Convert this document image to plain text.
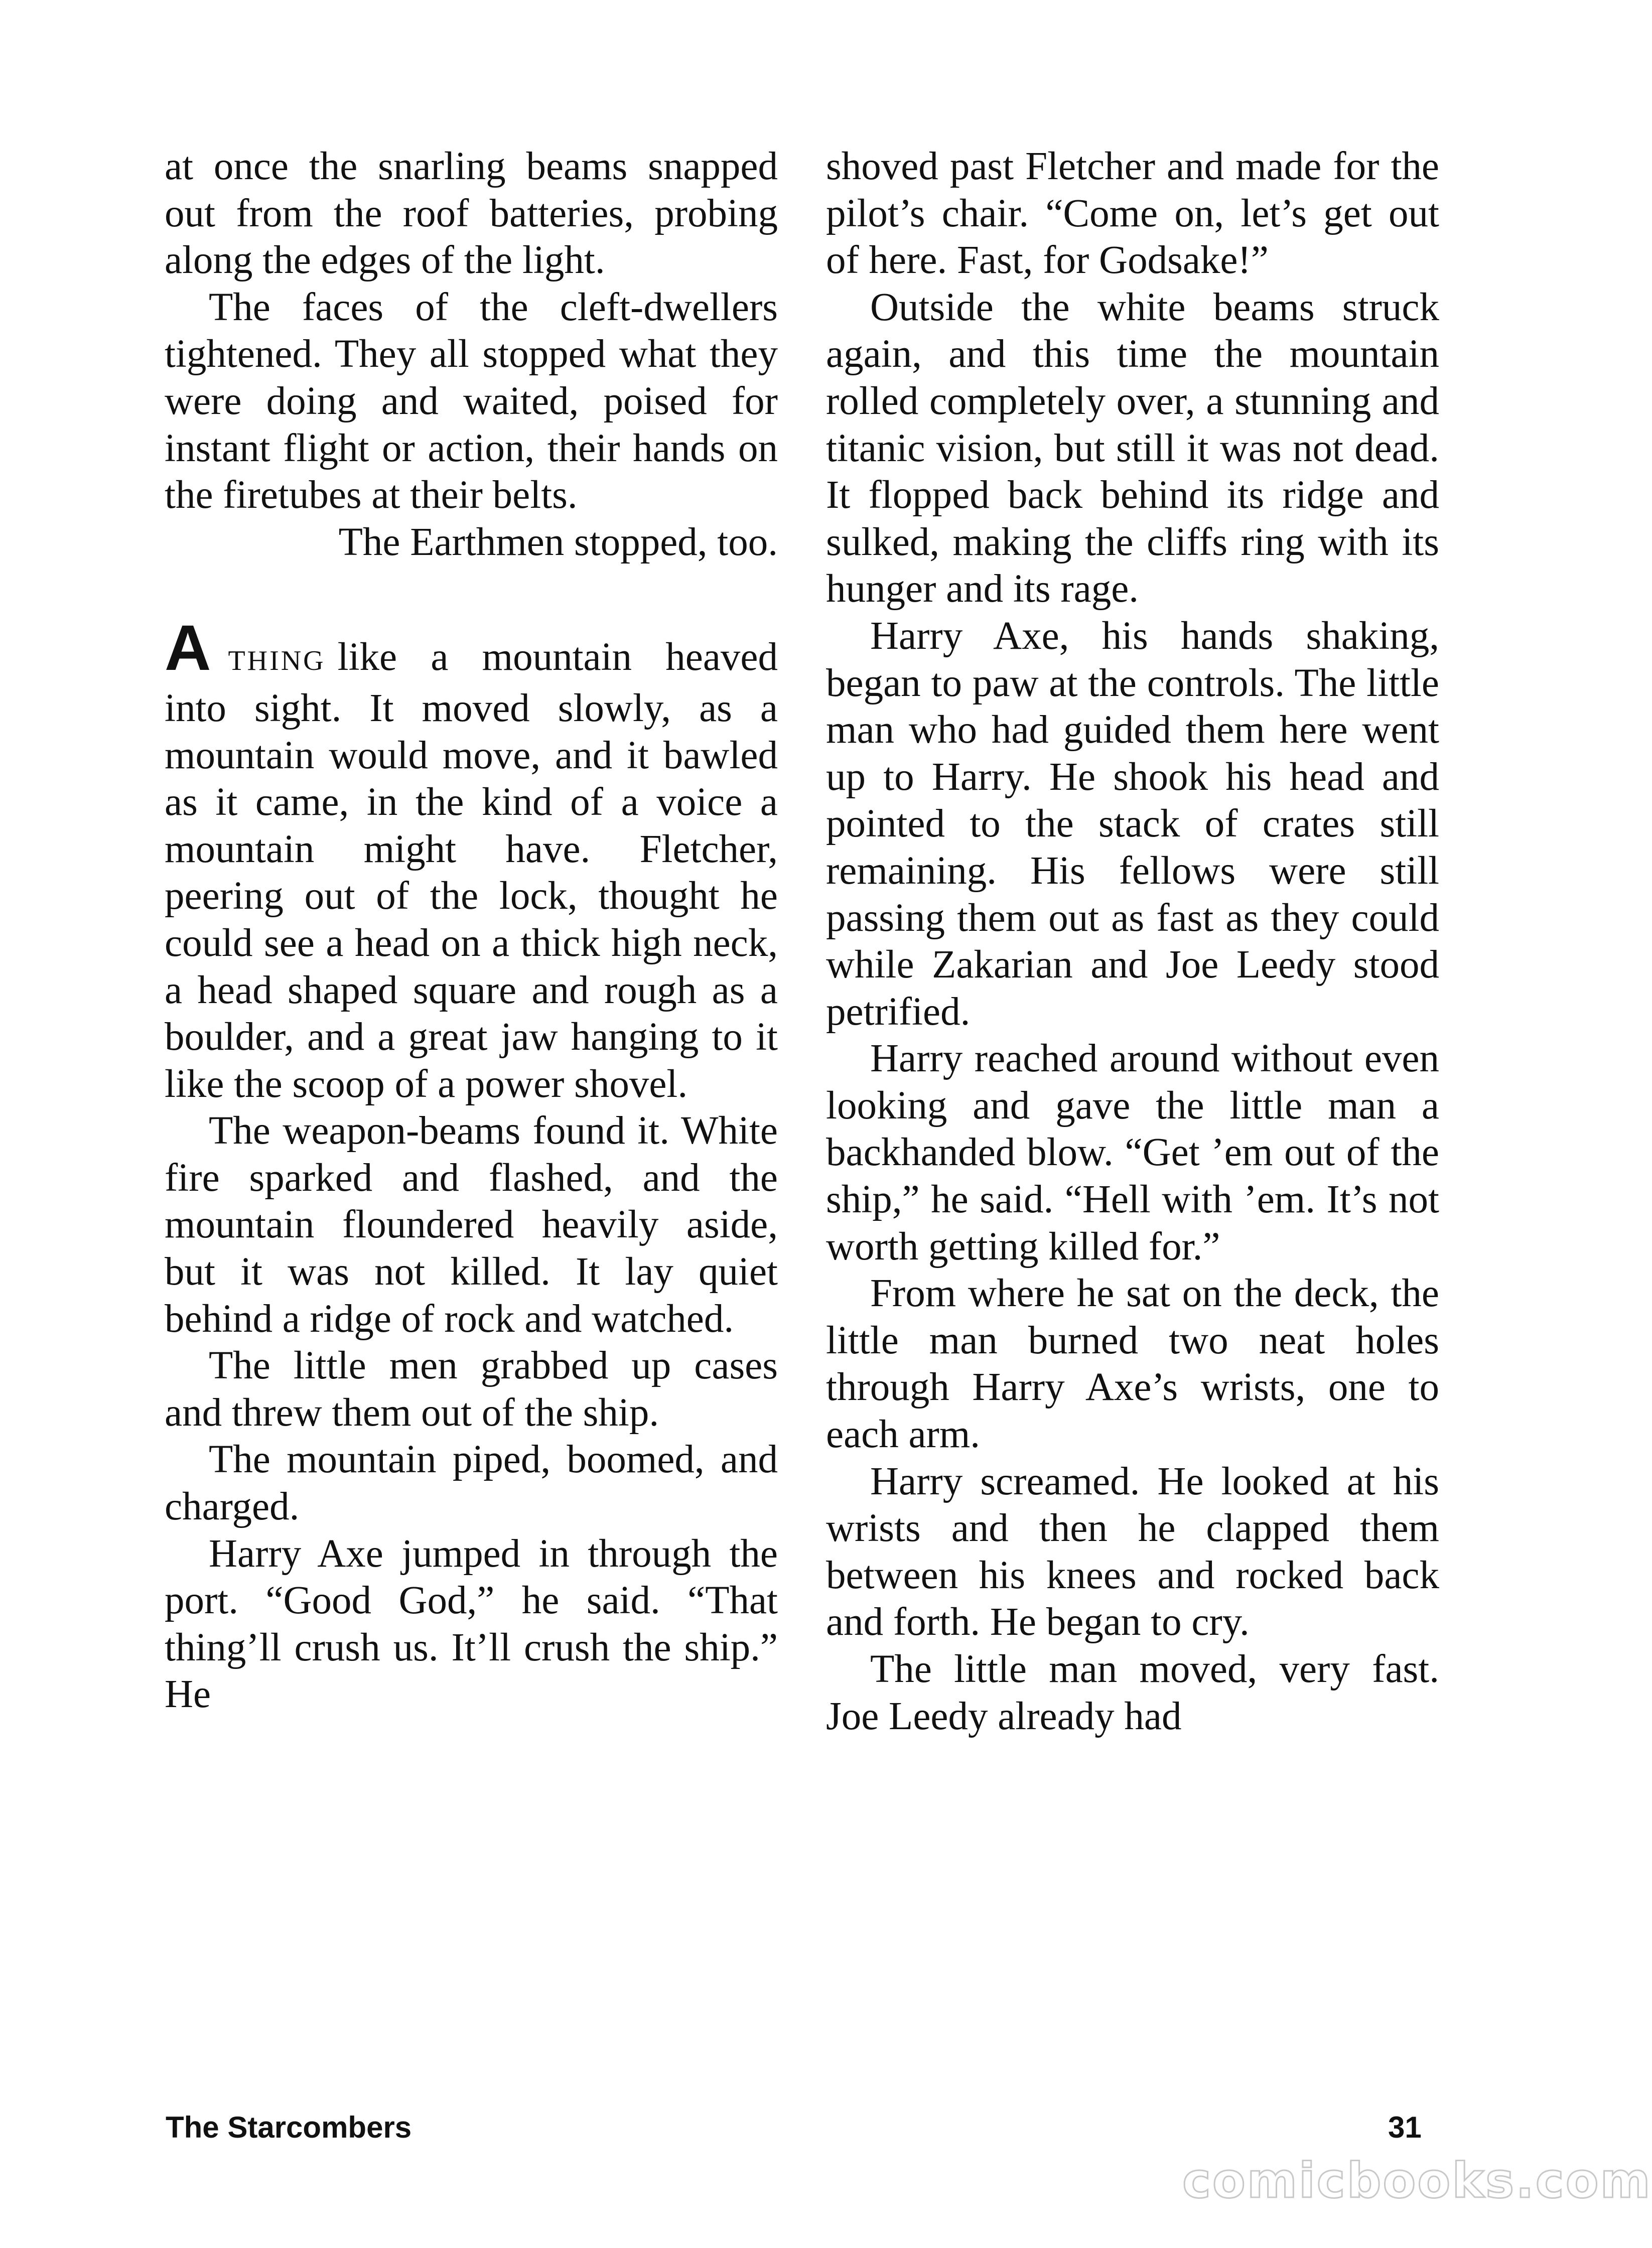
at once the snarling beams snapped out from the roof batteries, probing along the edges of the light.

The faces of the cleft-dwellers tightened. They all stopped what they were doing and waited, poised for instant flight or action, their hands on the firetubes at their belts.

The Earthmen stopped, too.

ATHING like a mountain heaved into sight. It moved slowly, as a mountain would move, and it bawled as it came, in the kind of a voice a mountain might have. Fletcher, peering out of the lock, thought he could see a head on a thick high neck, a head shaped square and rough as a boulder, and a great jaw hanging to it like the scoop of a power shovel.

The weapon-beams found it. White fire sparked and flashed, and the mountain floundered heavily aside, but it was not killed. It lay quiet behind a ridge of rock and watched.

The little men grabbed up cases and threw them out of the ship.

The mountain piped, boomed, and charged.

Harry Axe jumped in through the port. “Good God,” he said. “That thing’ll crush us. It’ll crush the ship.” He

shoved past Fletcher and made for the pilot’s chair. “Come on, let’s get out of here. Fast, for Godsake!”

Outside the white beams struck again, and this time the mountain rolled completely over, a stunning and titanic vision, but still it was not dead. It flopped back behind its ridge and sulked, making the cliffs ring with its hunger and its rage.

Harry Axe, his hands shaking, began to paw at the controls. The little man who had guided them here went up to Harry. He shook his head and pointed to the stack of crates still remaining. His fellows were still passing them out as fast as they could while Zakarian and Joe Leedy stood petrified.

Harry reached around without even looking and gave the little man a backhanded blow. “Get ’em out of the ship,” he said. “Hell with ’em. It’s not worth getting killed for.”

From where he sat on the deck, the little man burned two neat holes through Harry Axe’s wrists, one to each arm.

Harry screamed. He looked at his wrists and then he clapped them between his knees and rocked back and forth. He began to cry.

The little man moved, very fast. Joe Leedy already had

The Starcombers	31
comicbooks.com
